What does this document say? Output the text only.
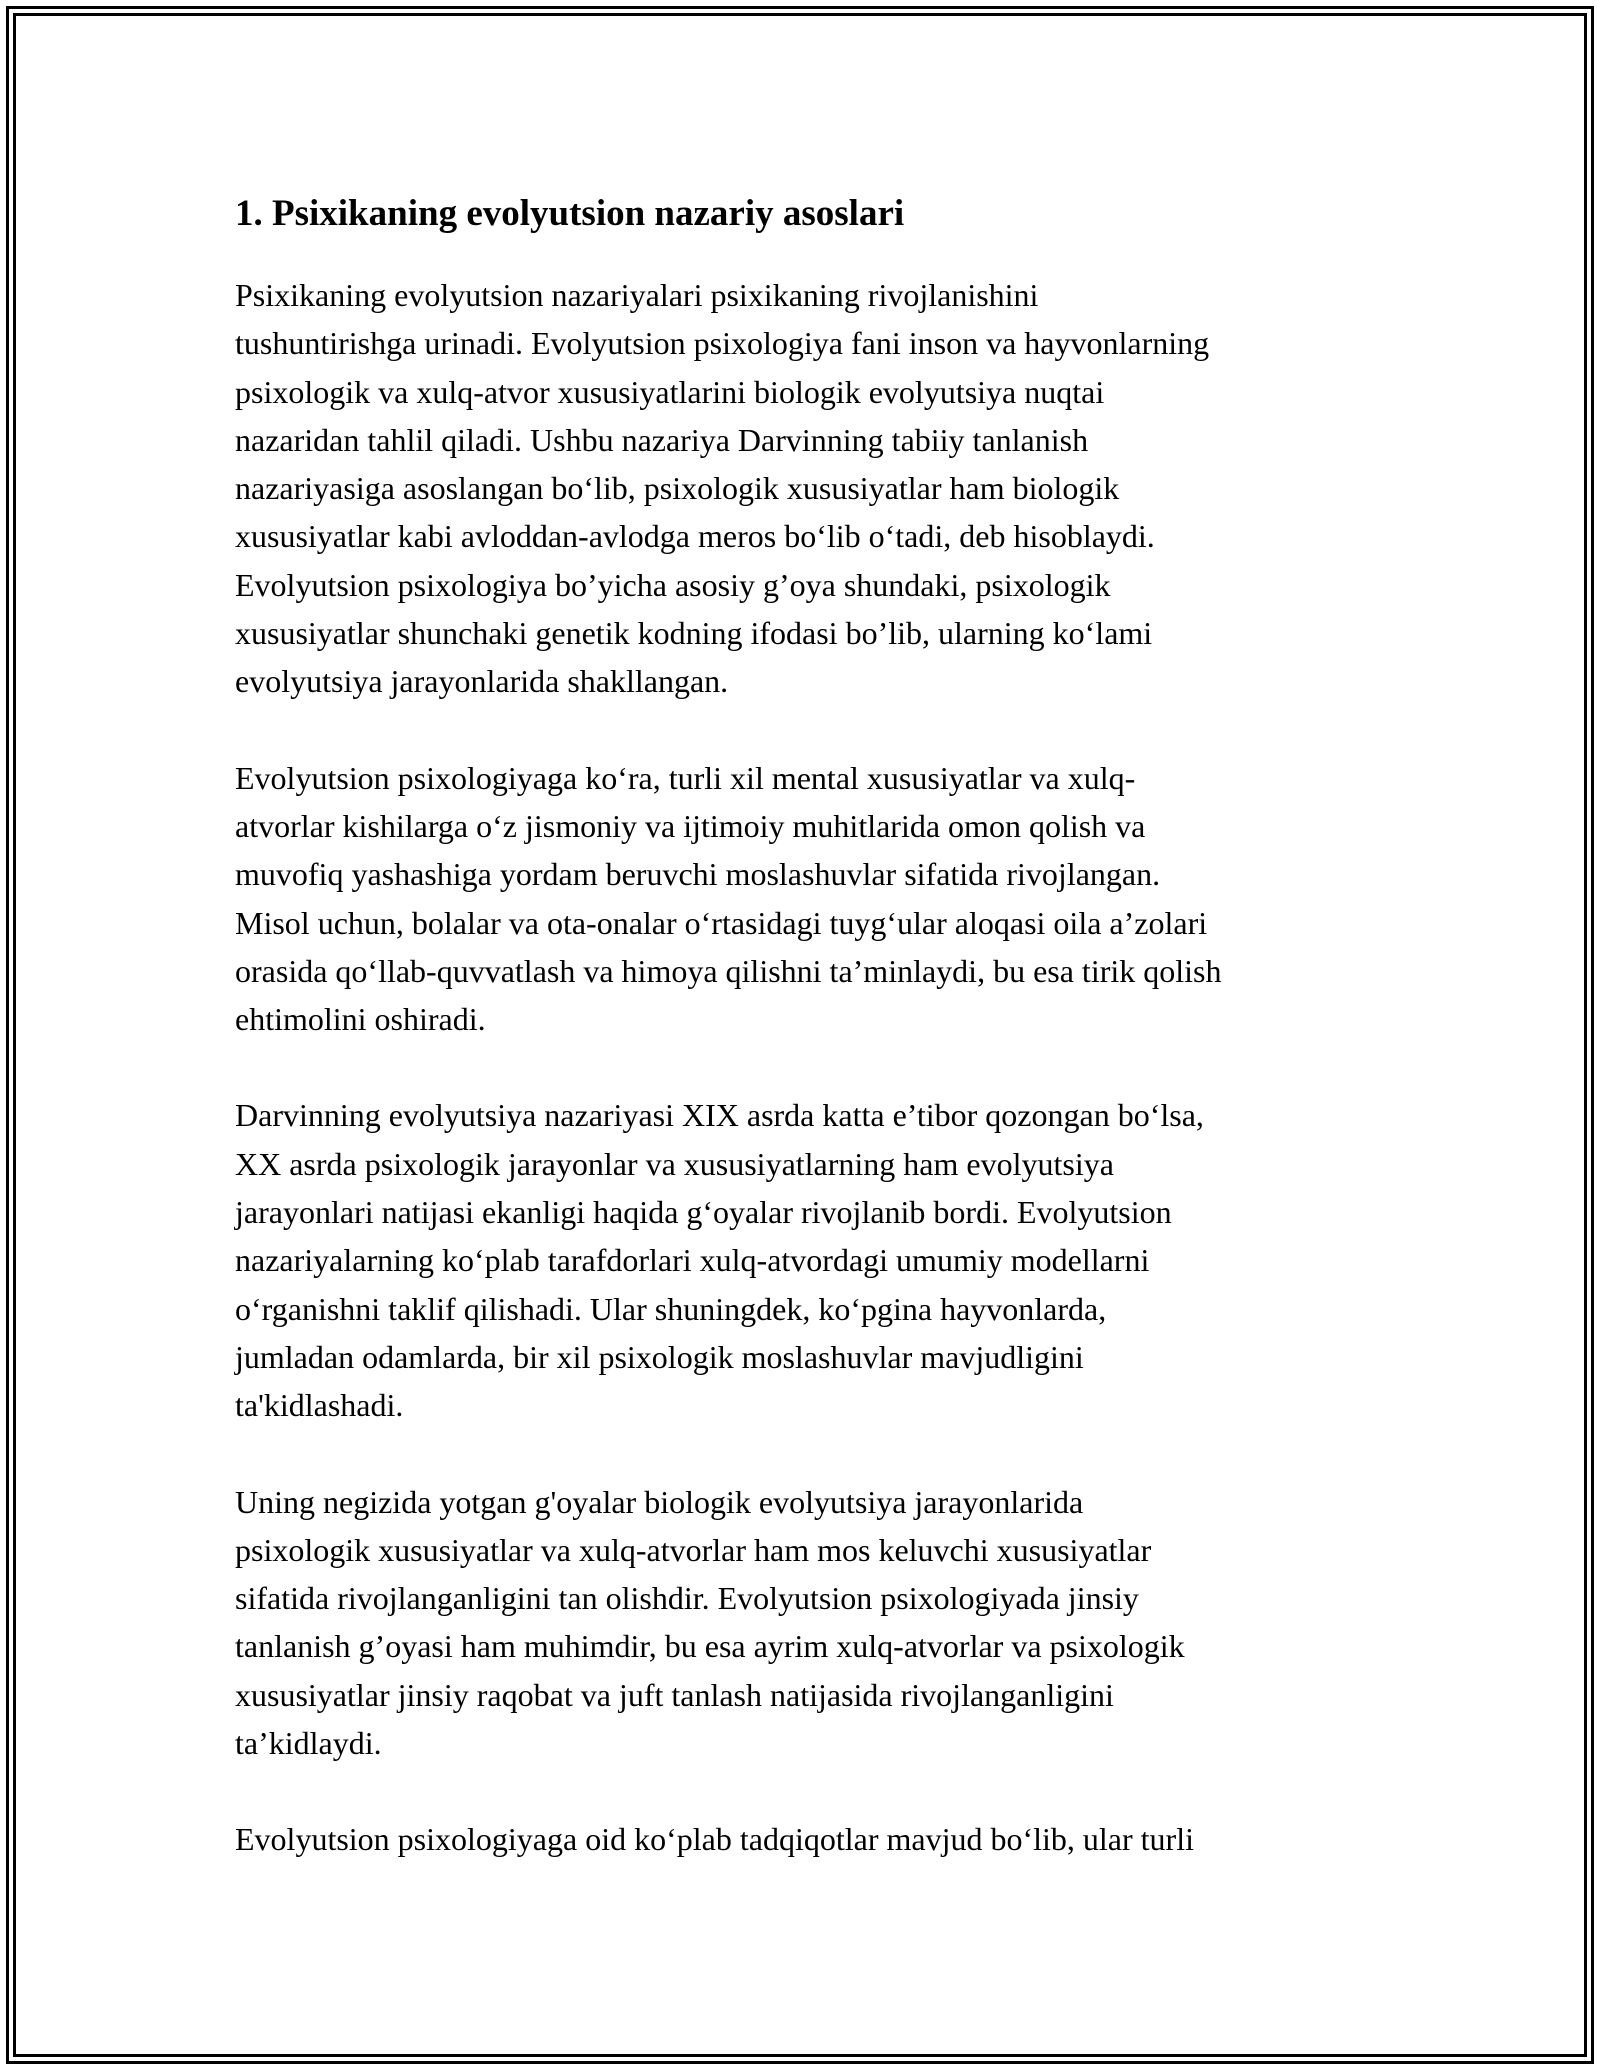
1. Psixikaning evolyutsion nazariy asoslari

Psixikaning evolyutsion nazariyalari psixikaning rivojlanishini
tushuntirishga urinadi. Evolyutsion psixologiya fani inson va hayvonlarning
psixologik va xulq-atvor xususiyatlarini biologik evolyutsiya nuqtai
nazaridan tahlil qiladi. Ushbu nazariya Darvinning tabiiy tanlanish
nazariyasiga asoslangan bo‘lib, psixologik xususiyatlar ham biologik
xususiyatlar kabi avloddan-avlodga meros bo‘lib o‘tadi, deb hisoblaydi.
Evolyutsion psixologiya bo’yicha asosiy g’oya shundaki, psixologik
xususiyatlar shunchaki genetik kodning ifodasi bo’lib, ularning ko‘lami
evolyutsiya jarayonlarida shakllangan.

Evolyutsion psixologiyaga ko‘ra, turli xil mental xususiyatlar va xulq-
atvorlar kishilarga o‘z jismoniy va ijtimoiy muhitlarida omon qolish va
muvofiq yashashiga yordam beruvchi moslashuvlar sifatida rivojlangan.
Misol uchun, bolalar va ota-onalar o‘rtasidagi tuyg‘ular aloqasi oila a’zolari
orasida qo‘llab-quvvatlash va himoya qilishni ta’minlaydi, bu esa tirik qolish
ehtimolini oshiradi.

Darvinning evolyutsiya nazariyasi XIX asrda katta e’tibor qozongan bo‘lsa,
XX asrda psixologik jarayonlar va xususiyatlarning ham evolyutsiya
jarayonlari natijasi ekanligi haqida g‘oyalar rivojlanib bordi. Evolyutsion
nazariyalarning ko‘plab tarafdorlari xulq-atvordagi umumiy modellarni
o‘rganishni taklif qilishadi. Ular shuningdek, ko‘pgina hayvonlarda,
jumladan odamlarda, bir xil psixologik moslashuvlar mavjudligini
ta'kidlashadi.

Uning negizida yotgan g'oyalar biologik evolyutsiya jarayonlarida
psixologik xususiyatlar va xulq-atvorlar ham mos keluvchi xususiyatlar
sifatida rivojlanganligini tan olishdir. Evolyutsion psixologiyada jinsiy
tanlanish g’oyasi ham muhimdir, bu esa ayrim xulq-atvorlar va psixologik
xususiyatlar jinsiy raqobat va juft tanlash natijasida rivojlanganligini
ta’kidlaydi.

Evolyutsion psixologiyaga oid ko‘plab tadqiqotlar mavjud bo‘lib, ular turli
